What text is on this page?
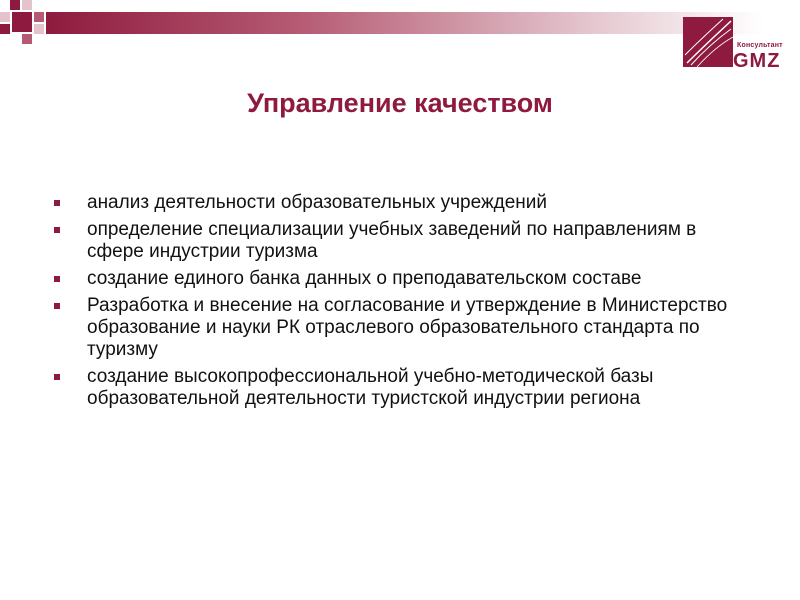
Консультант
GMZ
Управление качеством
анализ деятельности образовательных учреждений
определение специализации учебных заведений по направлениям в сфере индустрии туризма
создание единого банка данных о преподавательском составе
Разработка и внесение на согласование и утверждение в Министерство образование и науки РК отраслевого образовательного стандарта по туризму
создание высокопрофессиональной учебно-методической базы образовательной деятельности туристской индустрии региона
